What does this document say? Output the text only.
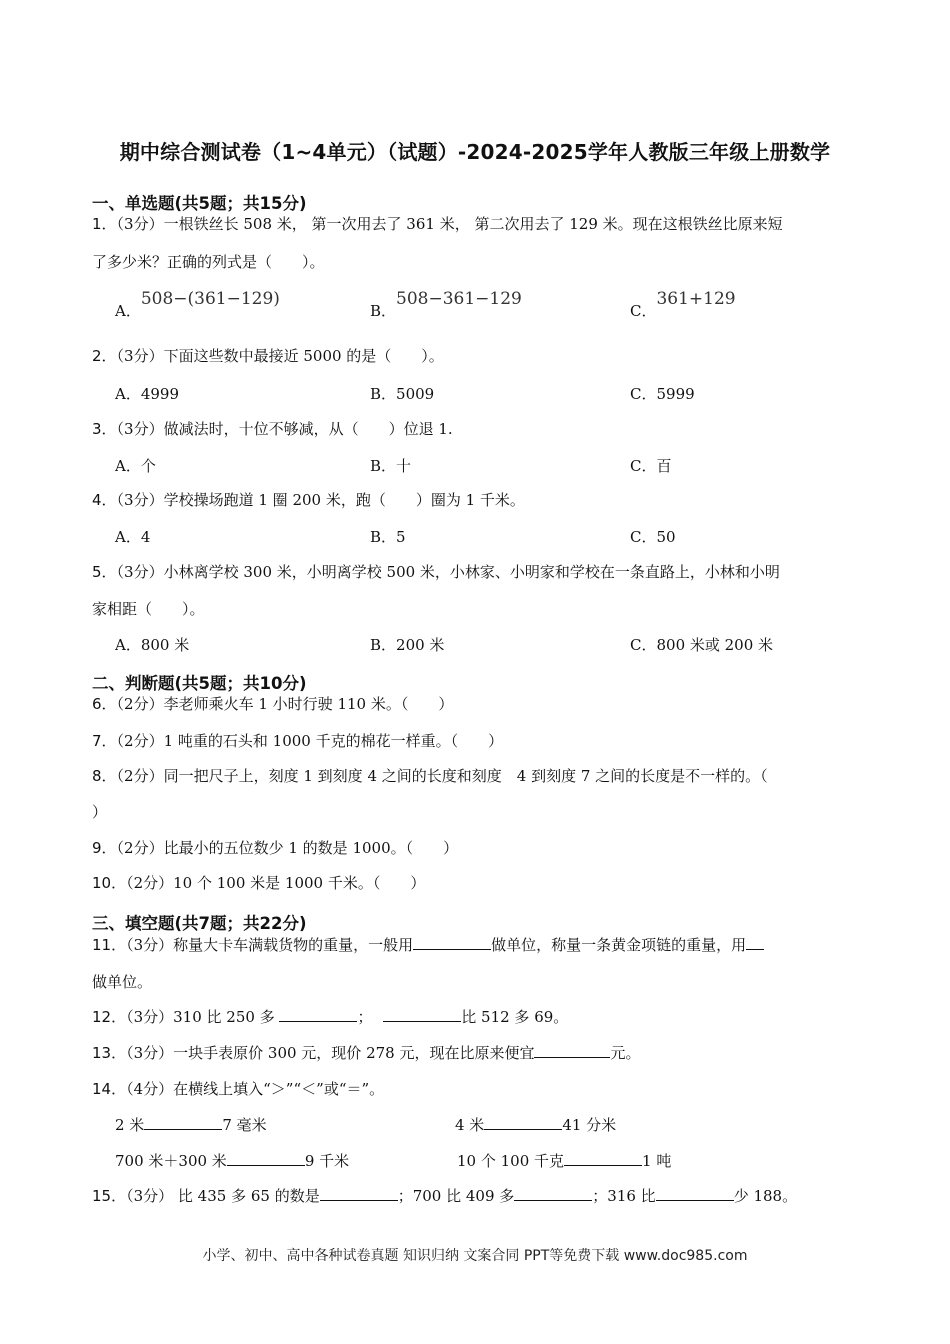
期中综合测试卷（1~4单元）（试题）-2024-2025学年人教版三年级上册数学
一、单选题(共5题；共15分)
1．（3分）一根铁丝长 508 米， 第一次用去了 361 米， 第二次用去了 129 米。现在这根铁丝比原来短
了多少米？正确的列式是（　　）。
A．508−(361−129)
B．508−361−129
C．361+129
2．（3分）下面这些数中最接近 5000 的是（　　）。
A．4999	B．5009	C．5999
3．（3分）做减法时，十位不够减，从（　　）位退 1.
A．个	B．十	C．百
4．（3分）学校操场跑道 1 圈 200 米，跑（　　）圈为 1 千米。
A．4	B．5	C．50
5．（3分）小林离学校 300 米，小明离学校 500 米，小林家、小明家和学校在一条直路上，小林和小明
家相距（　　）。
A．800 米	B．200 米	C．800 米或 200 米
二、判断题(共5题；共10分)
6．（2分）李老师乘火车 1 小时行驶 110 米。（　　）
7．（2分）1 吨重的石头和 1000 千克的棉花一样重。（　　）
8．（2分）同一把尺子上，刻度 1 到刻度 4 之间的长度和刻度　4 到刻度 7 之间的长度是不一样的。（
）
9．（2分）比最小的五位数少 1 的数是 1000。（　　）
10．（2分）10 个 100 米是 1000 千米。（　　）
三、填空题(共7题；共22分)
11．（3分）称量大卡车满载货物的重量，一般用	做单位，称量一条黄金项链的重量，用
做单位。
12．（3分）310 比 250 多	；	比 512 多 69。
13．（3分）一块手表原价 300 元，现价 278 元，现在比原来便宜	元。
14．（4分）在横线上填入“＞”“＜”或“＝”。
2 米	7 毫米	4 米	41 分米
700 米＋300 米	9 千米	10 个 100 千克	1 吨
15．（3分） 比 435 多 65 的数是	；700 比 409 多	；316 比	少 188。
小学、初中、高中各种试卷真题 知识归纳 文案合同 PPT等免费下载 www.doc985.com
